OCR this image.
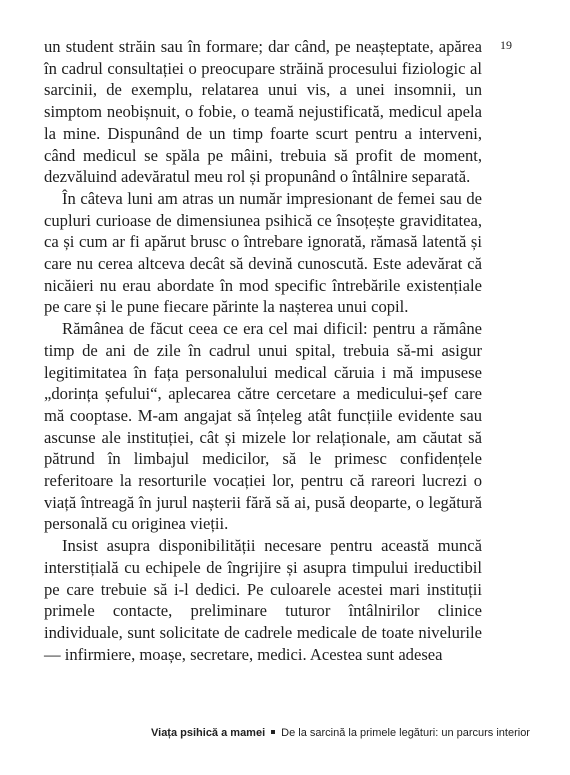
19

un student străin sau în formare; dar când, pe neașteptate, apărea în cadrul consultației o preocupare străină procesului fiziologic al sarcinii, de exemplu, relatarea unui vis, a unei insomnii, un simptom neobișnuit, o fobie, o teamă nejustificată, medicul apela la mine. Dispunând de un timp foarte scurt pentru a interveni, când medicul se spăla pe mâini, trebuia să profit de moment, dezvăluind adevăratul meu rol și propunând o întâlnire separată.

În câteva luni am atras un număr impresionant de femei sau de cupluri curioase de dimensiunea psihică ce însoțește graviditatea, ca și cum ar fi apărut brusc o întrebare ignorată, rămasă latentă și care nu cerea altceva decât să devină cunoscută. Este adevărat că nicăieri nu erau abordate în mod specific întrebările existențiale pe care și le pune fiecare părinte la nașterea unui copil.

Rămânea de făcut ceea ce era cel mai dificil: pentru a rămâne timp de ani de zile în cadrul unui spital, trebuia să-mi asigur legitimitatea în fața personalului medical căruia i mă impusese „dorința șefului“, aplecarea către cercetare a medicului-șef care mă cooptase. M-am angajat să înțeleg atât funcțiile evidente sau ascunse ale instituției, cât și mizele lor relaționale, am căutat să pătrund în limbajul medicilor, să le primesc confidențele referitoare la resorturile vocației lor, pentru că rareori lucrezi o viață întreagă în jurul nașterii fără să ai, pusă deoparte, o legătură personală cu originea vieții.

Insist asupra disponibilității necesare pentru această muncă interstițială cu echipele de îngrijire și asupra timpului ireductibil pe care trebuie să i-l dedici. Pe culoarele acestei mari instituții primele contacte, preliminare tuturor întâlnirilor clinice individuale, sunt solicitate de cadrele medicale de toate nivelurile — infirmiere, moașe, secretare, medici. Acestea sunt adesea

Viața psihică a mamei De la sarcină la primele legături: un parcurs interior
